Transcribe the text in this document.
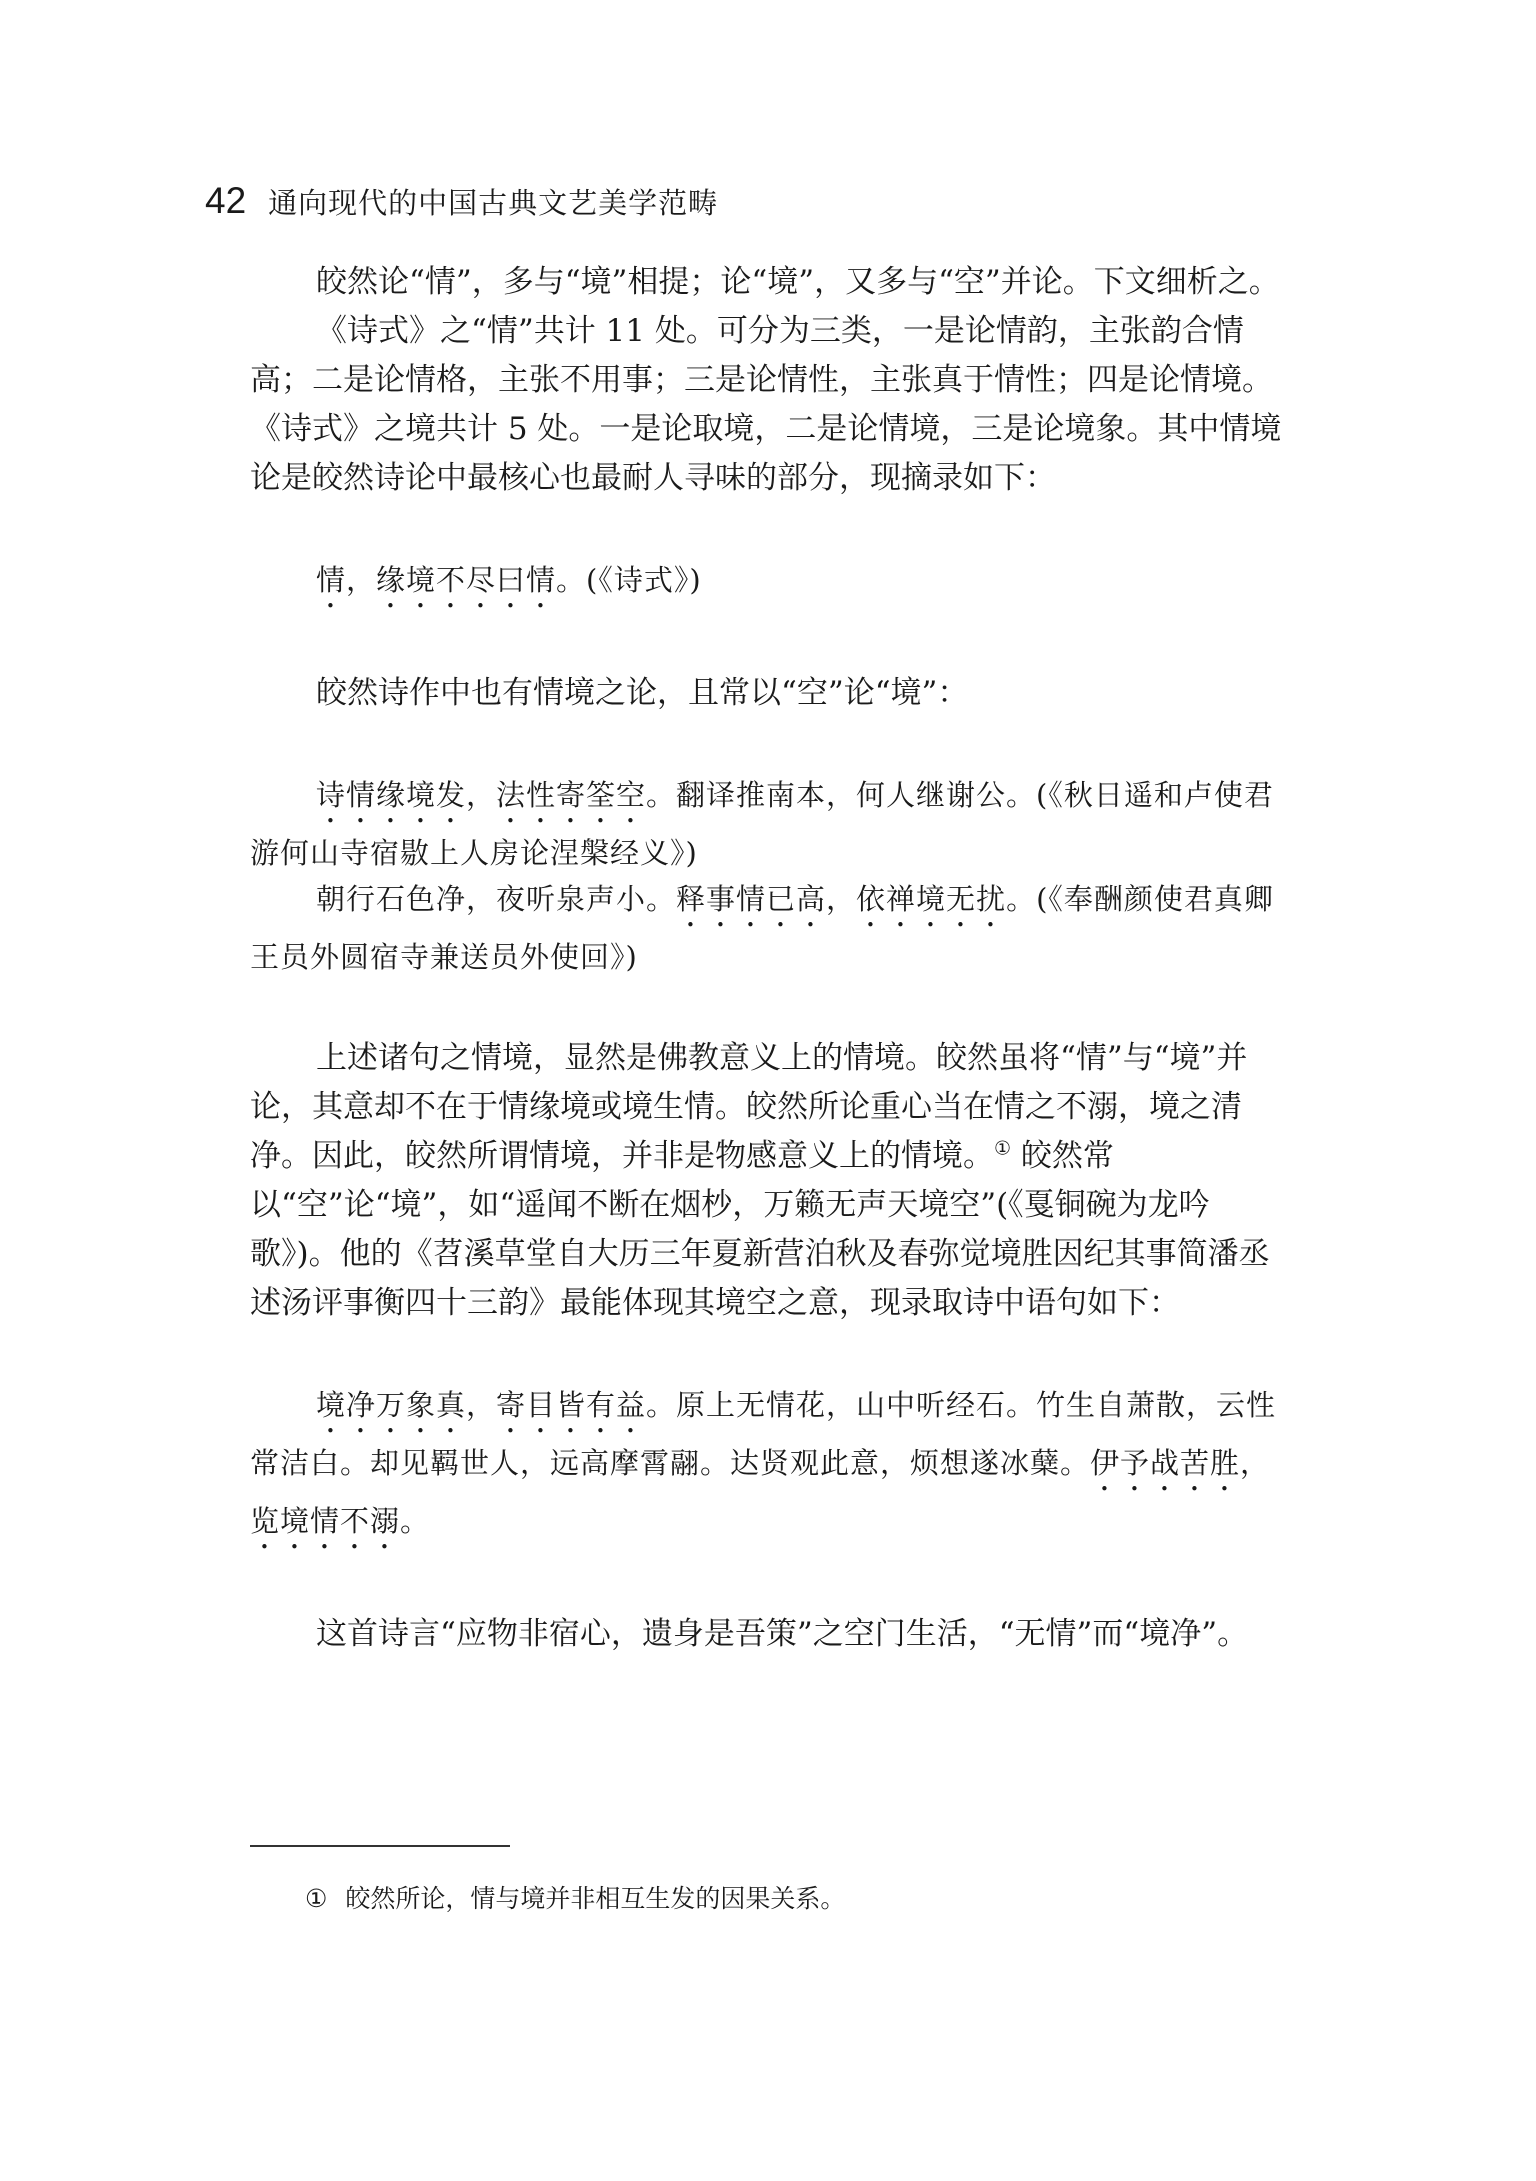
42 通向现代的中国古典文艺美学范畴

皎然论“情”，多与“境”相提；论“境”，又多与“空”并论。下文细析之。

《诗式》之“情”共计 11 处。可分为三类，一是论情韵，主张韵合情高；二是论情格，主张不用事；三是论情性，主张真于情性；四是论情境。《诗式》之境共计 5 处。一是论取境，二是论情境，三是论境象。其中情境论是皎然诗论中最核心也最耐人寻味的部分，现摘录如下：

情，缘境不尽曰情。(《诗式》)

皎然诗作中也有情境之论，且常以“空”论“境”：

诗情缘境发，法性寄筌空。翻译推南本，何人继谢公。(《秋日遥和卢使君游何山寺宿敭上人房论涅槃经义》)

朝行石色净，夜听泉声小。释事情已高，依禅境无扰。(《奉酬颜使君真卿王员外圆宿寺兼送员外使回》)

上述诸句之情境，显然是佛教意义上的情境。皎然虽将“情”与“境”并论，其意却不在于情缘境或境生情。皎然所论重心当在情之不溺，境之清净。因此，皎然所谓情境，并非是物感意义上的情境。① 皎然常以“空”论“境”，如“遥闻不断在烟杪，万籁无声天境空”(《戛铜碗为龙吟歌》)。他的《苕溪草堂自大历三年夏新营泊秋及春弥觉境胜因纪其事简潘丞述汤评事衡四十三韵》最能体现其境空之意，现录取诗中语句如下：

境净万象真，寄目皆有益。原上无情花，山中听经石。竹生自萧散，云性常洁白。却见羁世人，远高摩霄翮。达贤观此意，烦想遂冰蘖。伊予战苦胜，览境情不溺。

这首诗言“应物非宿心，遗身是吾策”之空门生活，“无情”而“境净”。

① 皎然所论，情与境并非相互生发的因果关系。
